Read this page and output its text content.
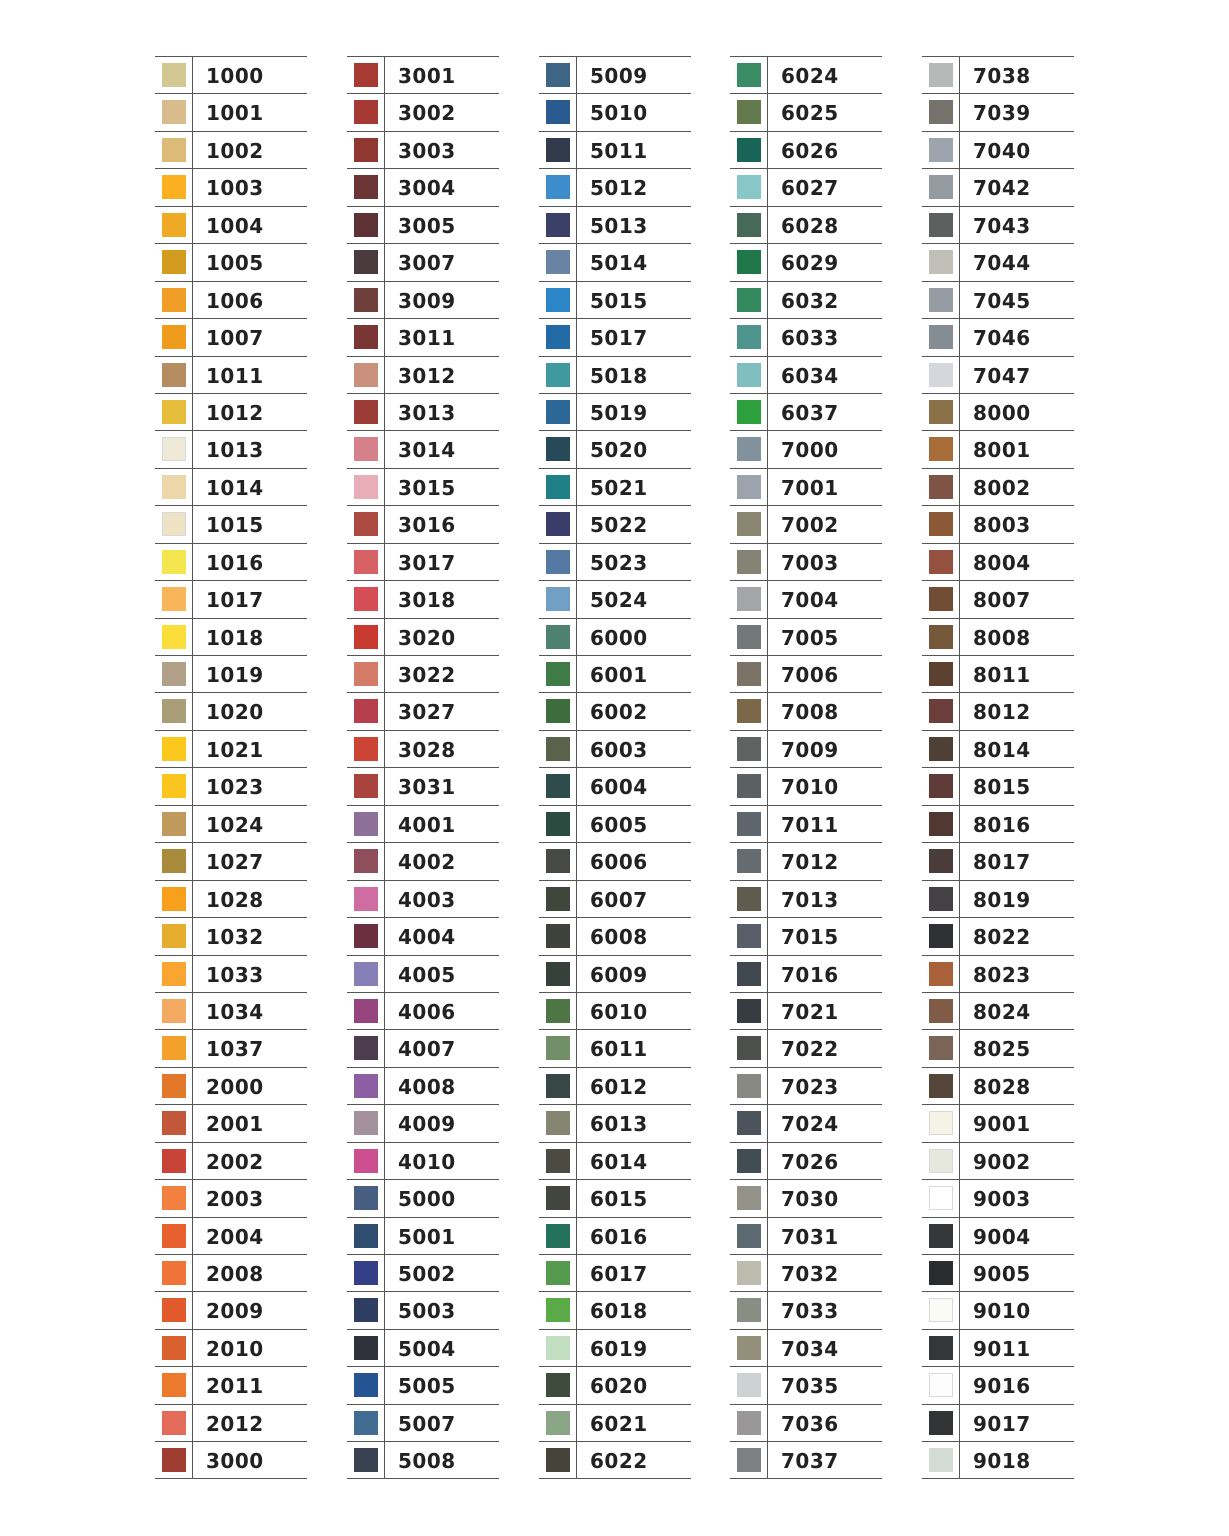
1000
1001
1002
1003
1004
1005
1006
1007
1011
1012
1013
1014
1015
1016
1017
1018
1019
1020
1021
1023
1024
1027
1028
1032
1033
1034
1037
2000
2001
2002
2003
2004
2008
2009
2010
2011
2012
3000
3001
3002
3003
3004
3005
3007
3009
3011
3012
3013
3014
3015
3016
3017
3018
3020
3022
3027
3028
3031
4001
4002
4003
4004
4005
4006
4007
4008
4009
4010
5000
5001
5002
5003
5004
5005
5007
5008
5009
5010
5011
5012
5013
5014
5015
5017
5018
5019
5020
5021
5022
5023
5024
6000
6001
6002
6003
6004
6005
6006
6007
6008
6009
6010
6011
6012
6013
6014
6015
6016
6017
6018
6019
6020
6021
6022
6024
6025
6026
6027
6028
6029
6032
6033
6034
6037
7000
7001
7002
7003
7004
7005
7006
7008
7009
7010
7011
7012
7013
7015
7016
7021
7022
7023
7024
7026
7030
7031
7032
7033
7034
7035
7036
7037
7038
7039
7040
7042
7043
7044
7045
7046
7047
8000
8001
8002
8003
8004
8007
8008
8011
8012
8014
8015
8016
8017
8019
8022
8023
8024
8025
8028
9001
9002
9003
9004
9005
9010
9011
9016
9017
9018
